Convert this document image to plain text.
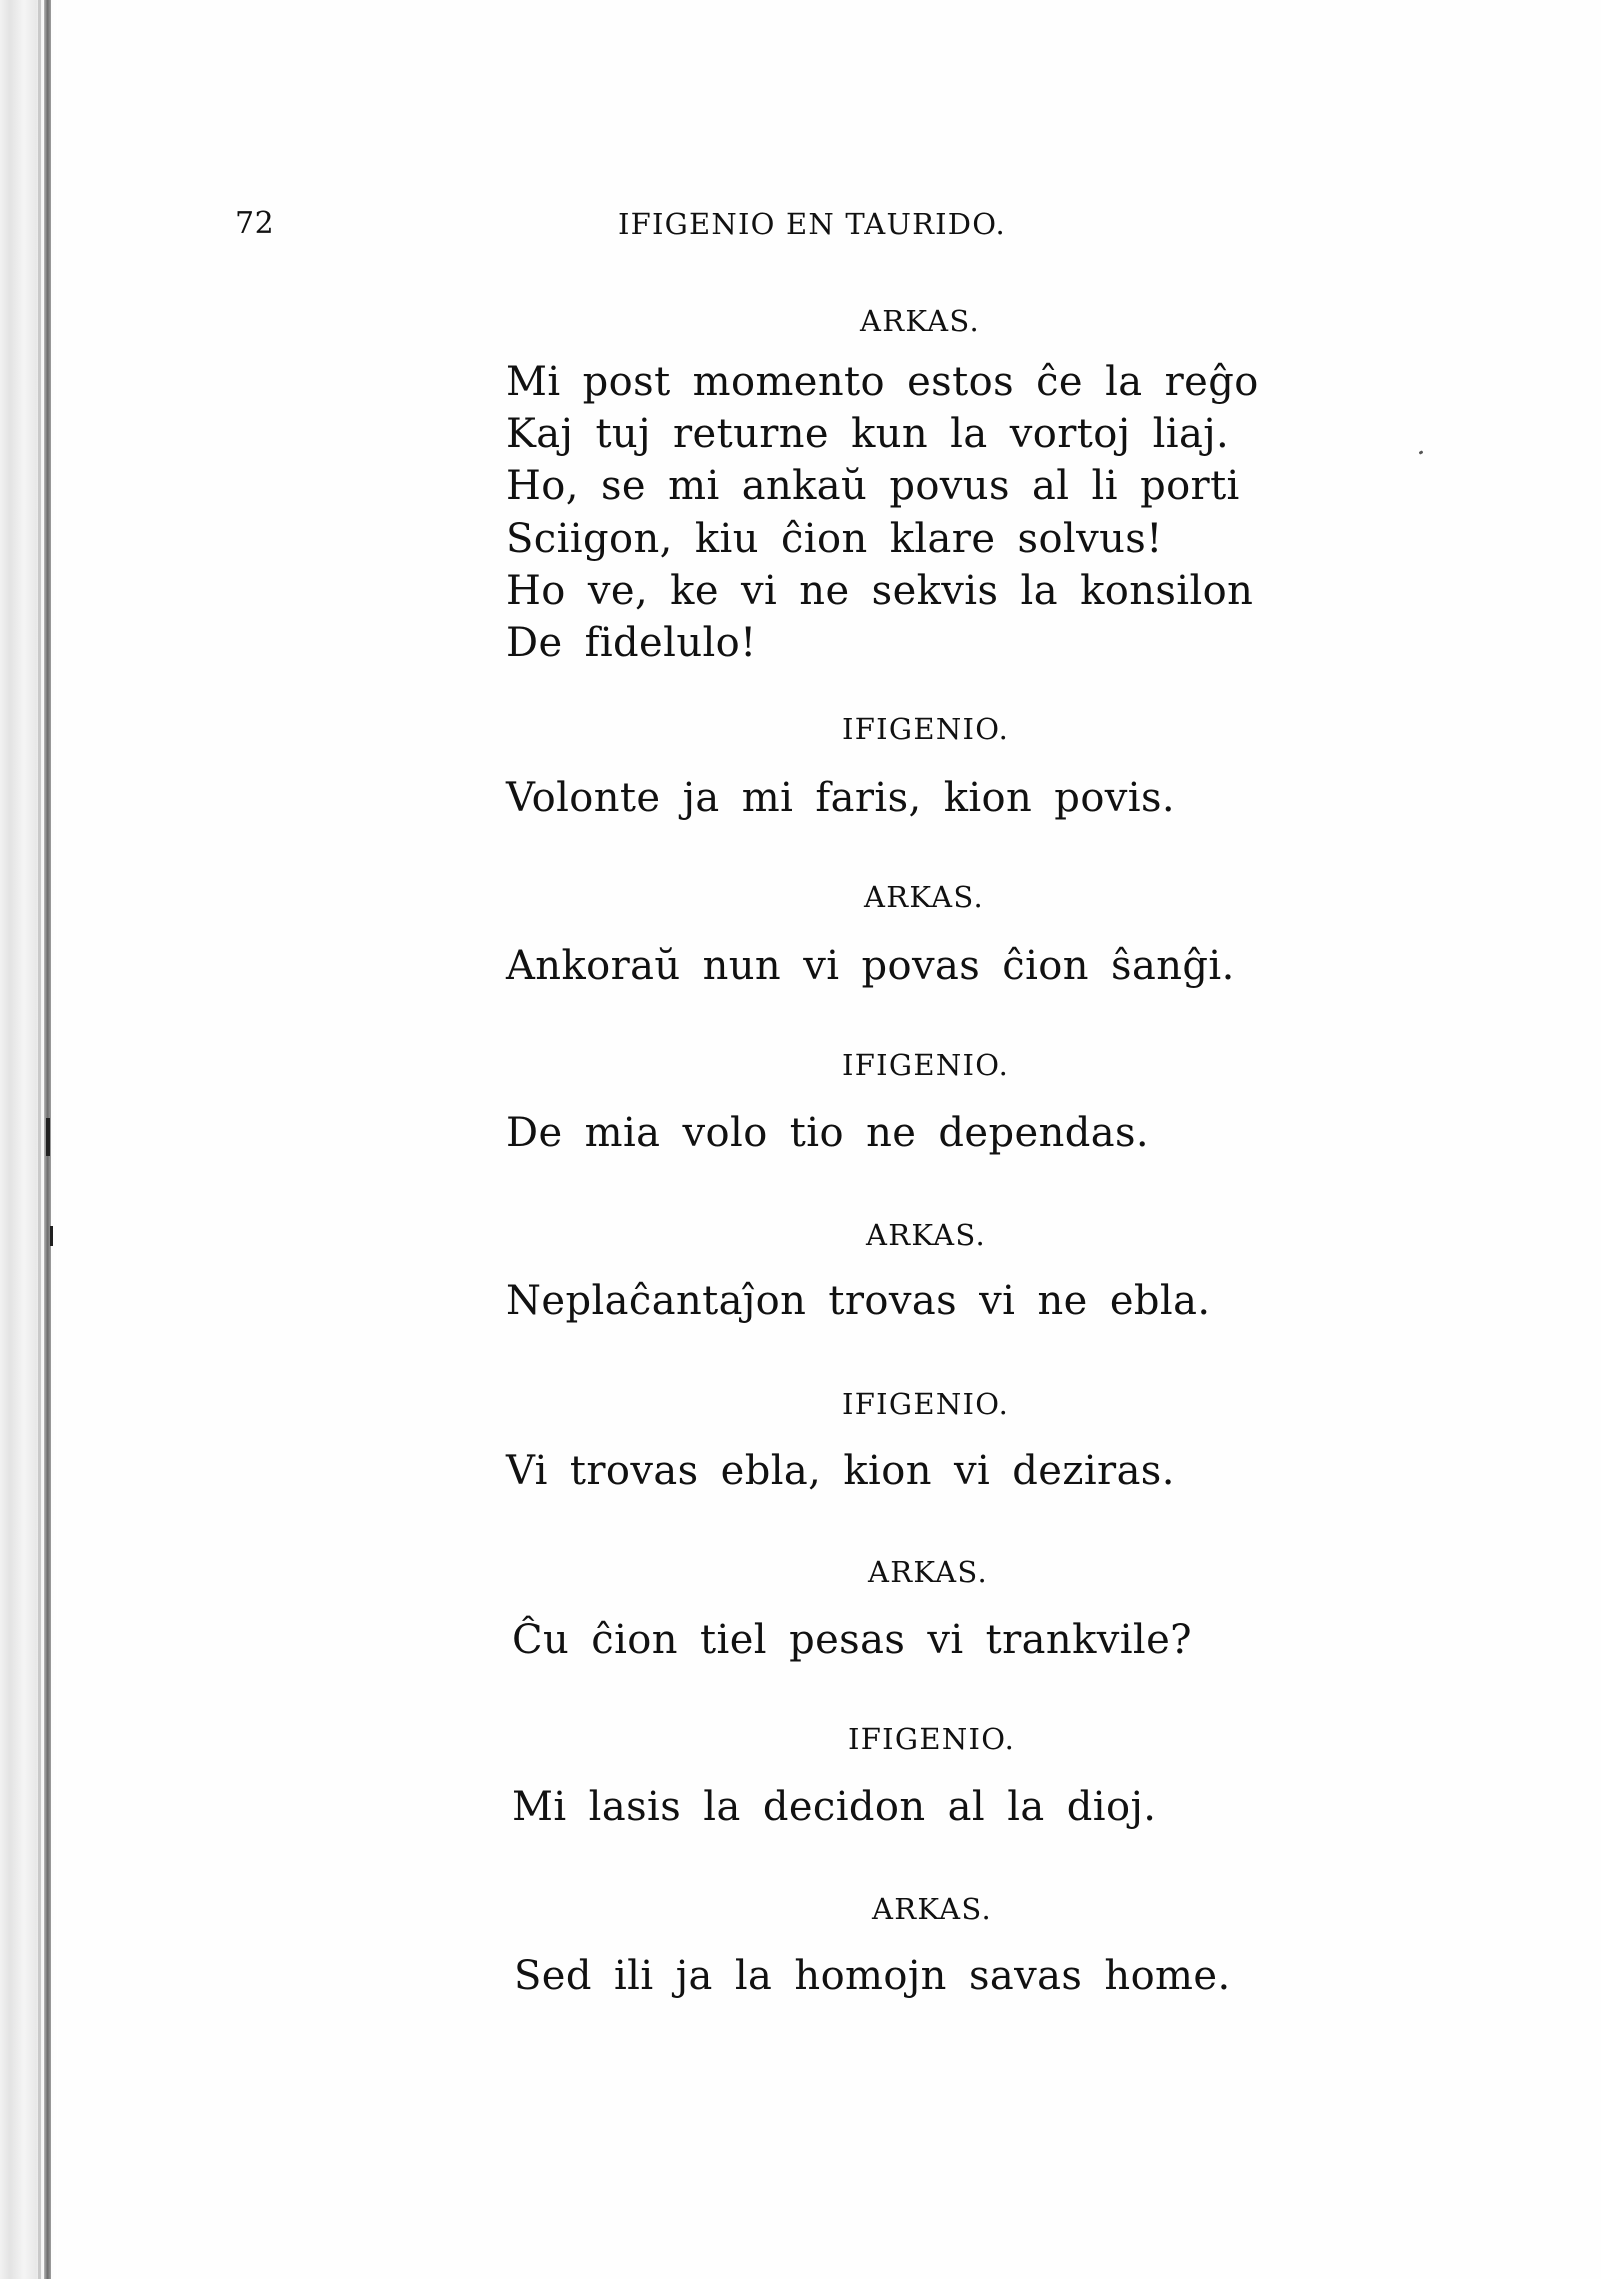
72	IFIGENIO EN TAURIDO.
ARKAS.
Mi post momento estos ĉe la reĝo
Kaj tuj returne kun la vortoj liaj.
Ho, se mi ankaŭ povus al li porti
Sciigon, kiu ĉion klare solvus!
Ho ve, ke vi ne sekvis la konsilon
De fidelulo!
IFIGENIO.
Volonte ja mi faris, kion povis.
ARKAS.
Ankoraŭ nun vi povas ĉion ŝanĝi.
IFIGENIO.
De mia volo tio ne dependas.
ARKAS.
Neplaĉantaĵon trovas vi ne ebla.
IFIGENIO.
Vi trovas ebla, kion vi deziras.
ARKAS.
Ĉu ĉion tiel pesas vi trankvile?
IFIGENIO.
Mi lasis la decidon al la dioj.
ARKAS.
Sed ili ja la homojn savas home.
